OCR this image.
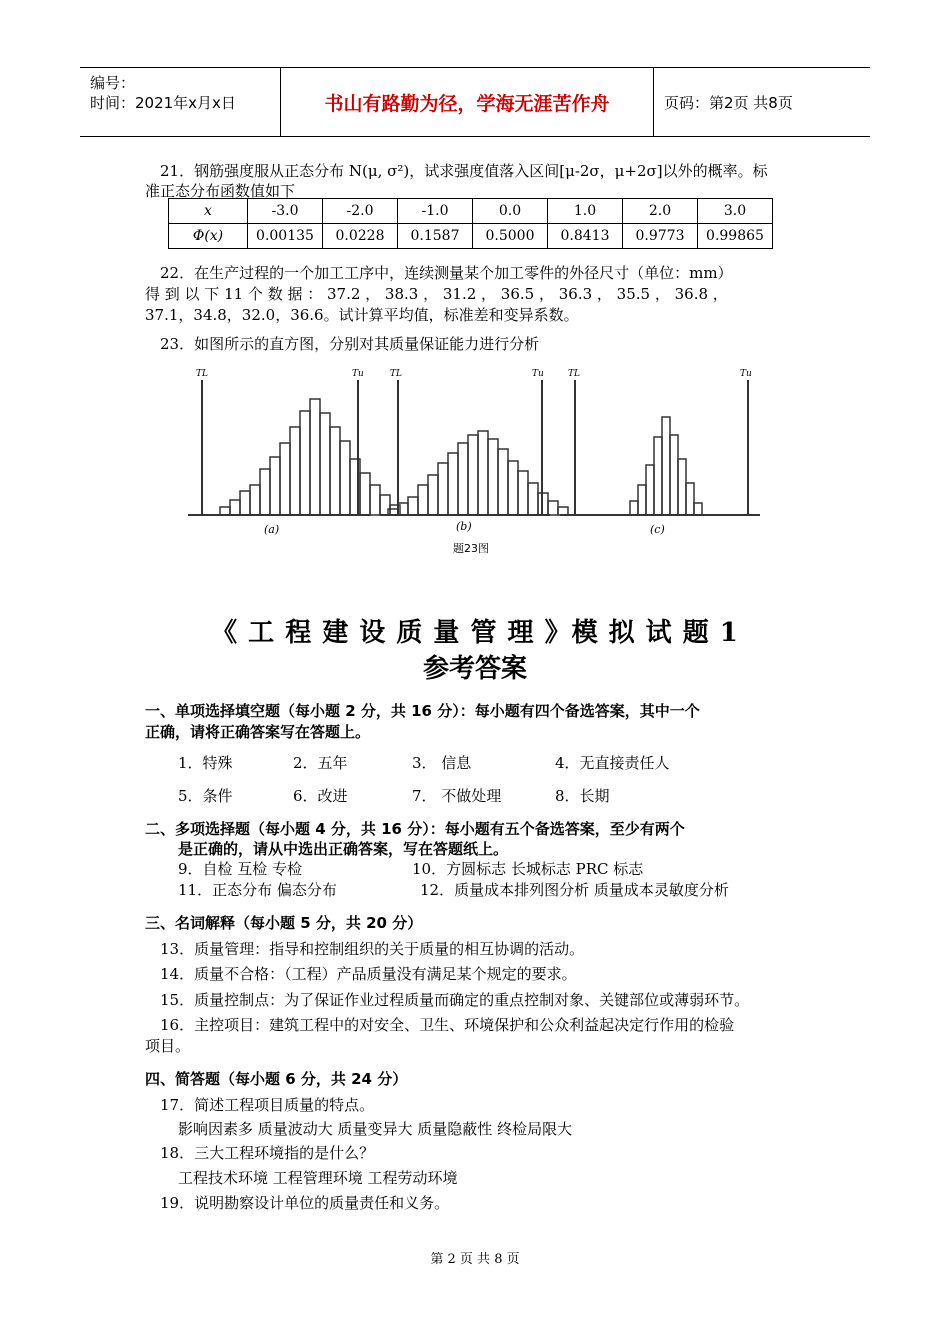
编号：
时间：2021年x月x日	书山有路勤为径，学海无涯苦作舟	页码：第2页 共8页
21．钢筋强度服从正态分布 N(μ, σ²)，试求强度值落入区间[μ-2σ，μ+2σ]以外的概率。标
准正态分布函数值如下
x	-3.0	-2.0	-1.0	0.0	1.0	2.0	3.0
Φ(x)	0.00135	0.0228	0.1587	0.5000	0.8413	0.9773	0.99865
22．在生产过程的一个加工工序中，连续测量某个加工零件的外径尺寸（单位：mm）
得 到 以 下 11 个 数 据 ： 37.2 ， 38.3 ， 31.2 ， 36.5 ， 36.3 ， 35.5 ， 36.8 ，
37.1，34.8，32.0，36.6。试计算平均值，标准差和变异系数。
23．如图所示的直方图，分别对其质量保证能力进行分析
TL	Tu	TL	Tu	TL	Tu
(a)	(b)	(c)
题23图
《 工 程 建 设 质 量 管 理 》模 拟 试 题 1
参考答案
一、单项选择填空题（每小题 2 分，共 16 分）：每小题有四个备选答案，其中一个
正确，请将正确答案写在答题上。
1．特殊	2．五年	3． 信息	4．无直接责任人
5．条件	6．改进	7． 不做处理	8．长期
二、多项选择题（每小题 4 分，共 16 分）：每小题有五个备选答案，至少有两个
是正确的，请从中选出正确答案，写在答题纸上。
9．自检 互检 专检	10．方圆标志 长城标志 PRC 标志
11．正态分布 偏态分布	12．质量成本排列图分析 质量成本灵敏度分析
三、名词解释（每小题 5 分，共 20 分）
13．质量管理：指导和控制组织的关于质量的相互协调的活动。
14．质量不合格：（工程）产品质量没有满足某个规定的要求。
15．质量控制点：为了保证作业过程质量而确定的重点控制对象、关键部位或薄弱环节。
16．主控项目：建筑工程中的对安全、卫生、环境保护和公众利益起决定行作用的检验
项目。
四、简答题（每小题 6 分，共 24 分）
17．简述工程项目质量的特点。
影响因素多 质量波动大 质量变异大 质量隐蔽性 终检局限大
18．三大工程环境指的是什么？
工程技术环境 工程管理环境 工程劳动环境
19．说明勘察设计单位的质量责任和义务。
第 2 页 共 8 页
